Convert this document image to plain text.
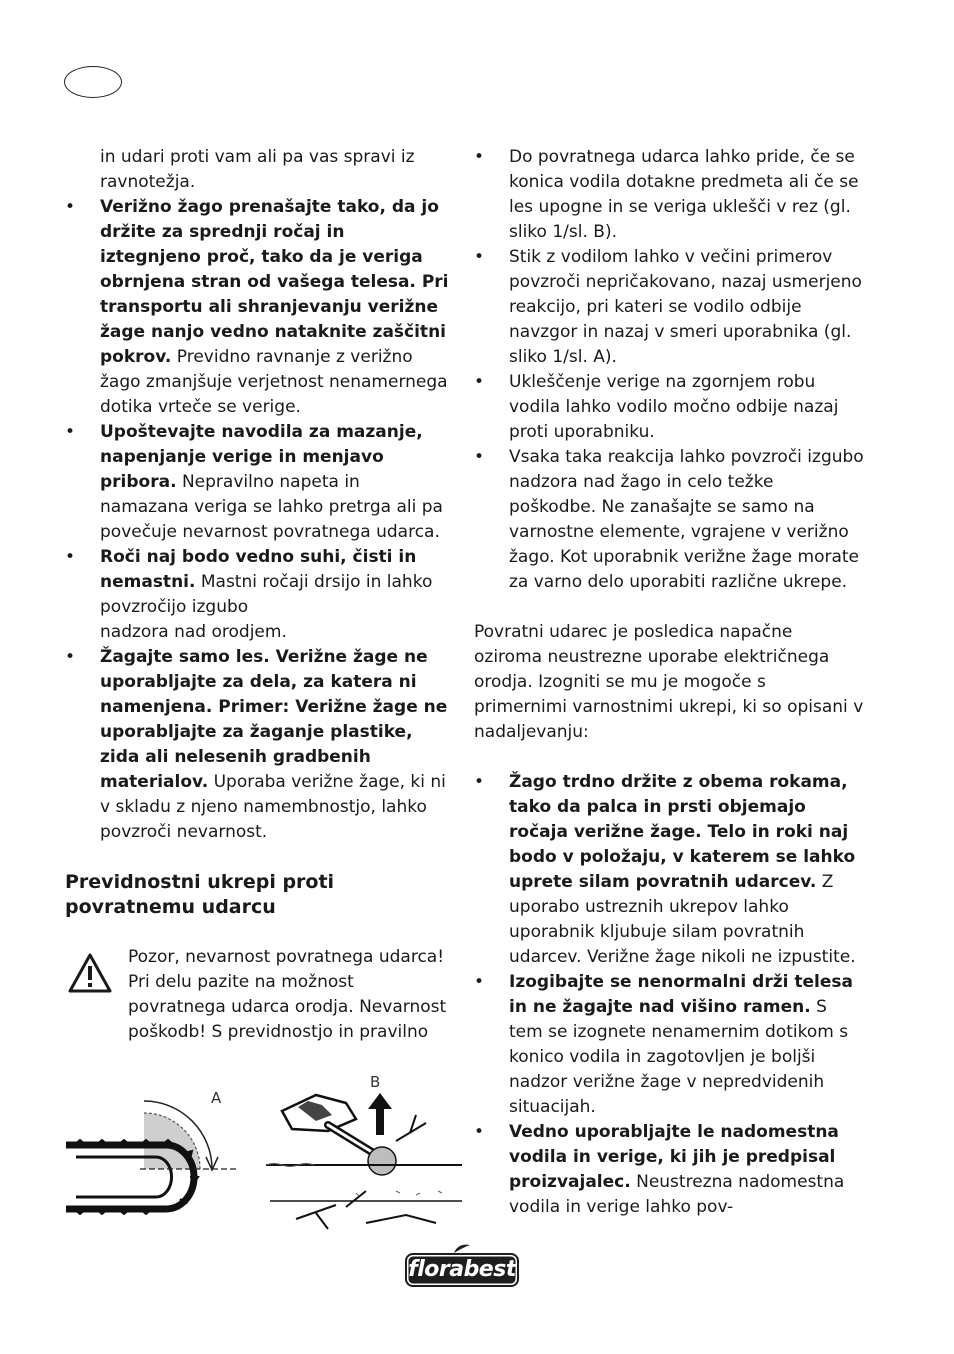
in udari proti vam ali pa vas spravi iz ravnotežja.

• Verižno žago prenašajte tako, da jo držite za sprednji ročaj in iztegnjeno proč, tako da je veriga obrnjena stran od vašega telesa. Pri transportu ali shranjevanju verižne žage nanjo vedno nataknite zaščitni pokrov. Previdno ravnanje z verižno žago zmanjšuje verjetnost nenamernega dotika vrteče se verige.

• Upoštevajte navodila za mazanje, napenjanje verige in menjavo pribora. Nepravilno napeta in namazana veriga se lahko pretrga ali pa povečuje nevarnost povratnega udarca.

• Roči naj bodo vedno suhi, čisti in nemastni. Mastni ročaji drsijo in lahko povzročijo izgubo
nadzora nad orodjem.

• Žagajte samo les. Verižne žage ne uporabljajte za dela, za katera ni namenjena. Primer: Verižne žage ne uporabljajte za žaganje plastike, zida ali nelesenih gradbenih materialov. Uporaba verižne žage, ki ni v skladu z njeno namembnostjo, lahko povzroči nevarnost.

Previdnostni ukrepi proti povratnemu udarcu

Pozor, nevarnost povratnega udarca! Pri delu pazite na možnost povratnega udarca orodja. Nevarnost poškodb! S previdnostjo in pravilno

A
B

• Do povratnega udarca lahko pride, če se konica vodila dotakne predmeta ali če se les upogne in se veriga uklešči v rez (gl. sliko 1/sl. B).

• Stik z vodilom lahko v večini primerov povzroči nepričakovano, nazaj usmerjeno reakcijo, pri kateri se vodilo odbije navzgor in nazaj v smeri uporabnika (gl. sliko 1/sl. A).

• Ukleščenje verige na zgornjem robu vodila lahko vodilo močno odbije nazaj proti uporabniku.

• Vsaka taka reakcija lahko povzroči izgubo nadzora nad žago in celo težke poškodbe. Ne zanašajte se samo na varnostne elemente, vgrajene v verižno žago. Kot uporabnik verižne žage morate za varno delo uporabiti različne ukrepe.

Povratni udarec je posledica napačne oziroma neustrezne uporabe električnega orodja. Izogniti se mu je mogoče s primernimi varnostnimi ukrepi, ki so opisani v nadaljevanju:

• Žago trdno držite z obema rokama, tako da palca in prsti objemajo ročaja verižne žage. Telo in roki naj bodo v položaju, v katerem se lahko uprete silam povratnih udarcev. Z uporabo ustreznih ukrepov lahko uporabnik kljubuje silam povratnih udarcev. Verižne žage nikoli ne izpustite.

• Izogibajte se nenormalni drži telesa in ne žagajte nad višino ramen. S tem se izognete nenamernim dotikom s konico vodila in zagotovljen je boljši nadzor verižne žage v nepredvidenih situacijah.

• Vedno uporabljajte le nadomestna vodila in verige, ki jih je predpisal proizvajalec. Neustrezna nadomestna vodila in verige lahko pov-

florabest
